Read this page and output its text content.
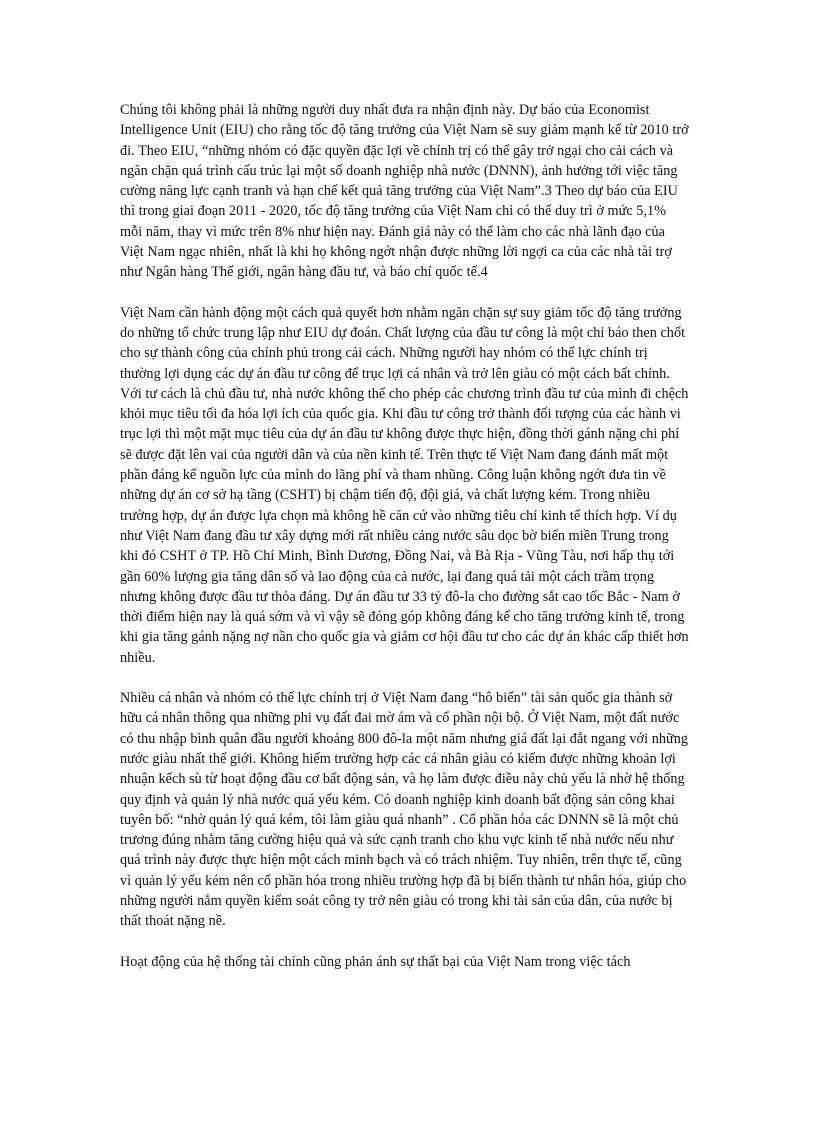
Chúng tôi không phải là những người duy nhất đưa ra nhận định này. Dự báo của Economist Intelligence Unit (EIU) cho rằng tốc độ tăng trưởng của Việt Nam sẽ suy giảm mạnh kể từ 2010 trở đi. Theo EIU, “những nhóm có đặc quyền đặc lợi về chính trị có thể gây trở ngại cho cải cách và ngăn chặn quá trình cấu trúc lại một số doanh nghiệp nhà nước (DNNN), ảnh hưởng tới việc tăng cường năng lực cạnh tranh và hạn chế kết quả tăng trưởng của Việt Nam”.3 Theo dự báo của EIU thì trong giai đoạn 2011 - 2020, tốc độ tăng trưởng của Việt Nam chỉ có thể duy trì ở mức 5,1% mỗi năm, thay vì mức trên 8% như hiện nay. Đánh giá này có thể làm cho các nhà lãnh đạo của Việt Nam ngạc nhiên, nhất là khi họ không ngớt nhận được những lời ngợi ca của các nhà tài trợ như Ngân hàng Thế giới, ngân hàng đầu tư, và báo chí quốc tế.4

Việt Nam cần hành động một cách quả quyết hơn nhằm ngăn chặn sự suy giảm tốc độ tăng trưởng do những tổ chức trung lập như EIU dự đoán. Chất lượng của đầu tư công là một chỉ báo then chốt cho sự thành công của chính phủ trong cải cách. Những người hay nhóm có thế lực chính trị thường lợi dụng các dự án đầu tư công để trục lợi cá nhân và trở lên giàu có một cách bất chính. Với tư cách là chủ đầu tư, nhà nước không thể cho phép các chương trình đầu tư của mình đi chệch khỏi mục tiêu tối đa hóa lợi ích của quốc gia. Khi đầu tư công trở thành đối tượng của các hành vi trục lợi thì một mặt mục tiêu của dự án đầu tư không được thực hiện, đồng thời gánh nặng chi phí sẽ được đặt lên vai của người dân và của nền kinh tế. Trên thực tế Việt Nam đang đánh mất một phần đáng kể nguồn lực của mình do lãng phí và tham nhũng. Công luận không ngớt đưa tin về những dự án cơ sở hạ tầng (CSHT) bị chậm tiến độ, đội giá, và chất lượng kém. Trong nhiều trường hợp, dự án được lựa chọn mà không hề căn cứ vào những tiêu chí kinh tế thích hợp. Ví dụ như Việt Nam đang đầu tư xây dựng mới rất nhiều cảng nước sâu dọc bờ biển miền Trung trong khi đó CSHT ở TP. Hồ Chí Minh, Bình Dương, Đồng Nai, và Bà Rịa - Vũng Tàu, nơi hấp thụ tới gần 60% lượng gia tăng dân số và lao động của cả nước, lại đang quá tải một cách trầm trọng nhưng không được đầu tư thỏa đáng. Dự án đầu tư 33 tỷ đô-la cho đường sắt cao tốc Bắc - Nam ở thời điểm hiện nay là quá sớm và vì vậy sẽ đóng góp không đáng kể cho tăng trưởng kinh tế, trong khi gia tăng gánh nặng nợ nần cho quốc gia và giảm cơ hội đầu tư cho các dự án khác cấp thiết hơn nhiều.

Nhiều cá nhân và nhóm có thế lực chính trị ở Việt Nam đang “hô biến” tài sản quốc gia thành sở hữu cá nhân thông qua những phi vụ đất đai mờ ám và cổ phần nội bộ. Ở Việt Nam, một đất nước có thu nhập bình quân đầu người khoảng 800 đô-la một năm nhưng giá đất lại đắt ngang với những nước giàu nhất thế giới. Không hiếm trường hợp các cá nhân giàu có kiếm được những khoản lợi nhuận kếch sù từ hoạt động đầu cơ bất động sản, và họ làm được điều này chủ yếu là nhờ hệ thống quy định và quản lý nhà nước quá yếu kém. Có doanh nghiệp kinh doanh bất động sản công khai tuyên bố: “nhờ quản lý quá kém, tôi làm giàu quá nhanh” . Cổ phần hóa các DNNN sẽ là một chủ trương đúng nhằm tăng cường hiệu quả và sức cạnh tranh cho khu vực kinh tế nhà nước nếu như quá trình này được thực hiện một cách minh bạch và có trách nhiệm. Tuy nhiên, trên thực tế, cũng vì quản lý yếu kém nên cổ phần hóa trong nhiều trường hợp đã bị biến thành tư nhân hóa, giúp cho những người nắm quyền kiểm soát công ty trở nên giàu có trong khi tài sản của dân, của nước bị thất thoát nặng nề.

Hoạt động của hệ thống tài chính cũng phản ánh sự thất bại của Việt Nam trong việc tách
